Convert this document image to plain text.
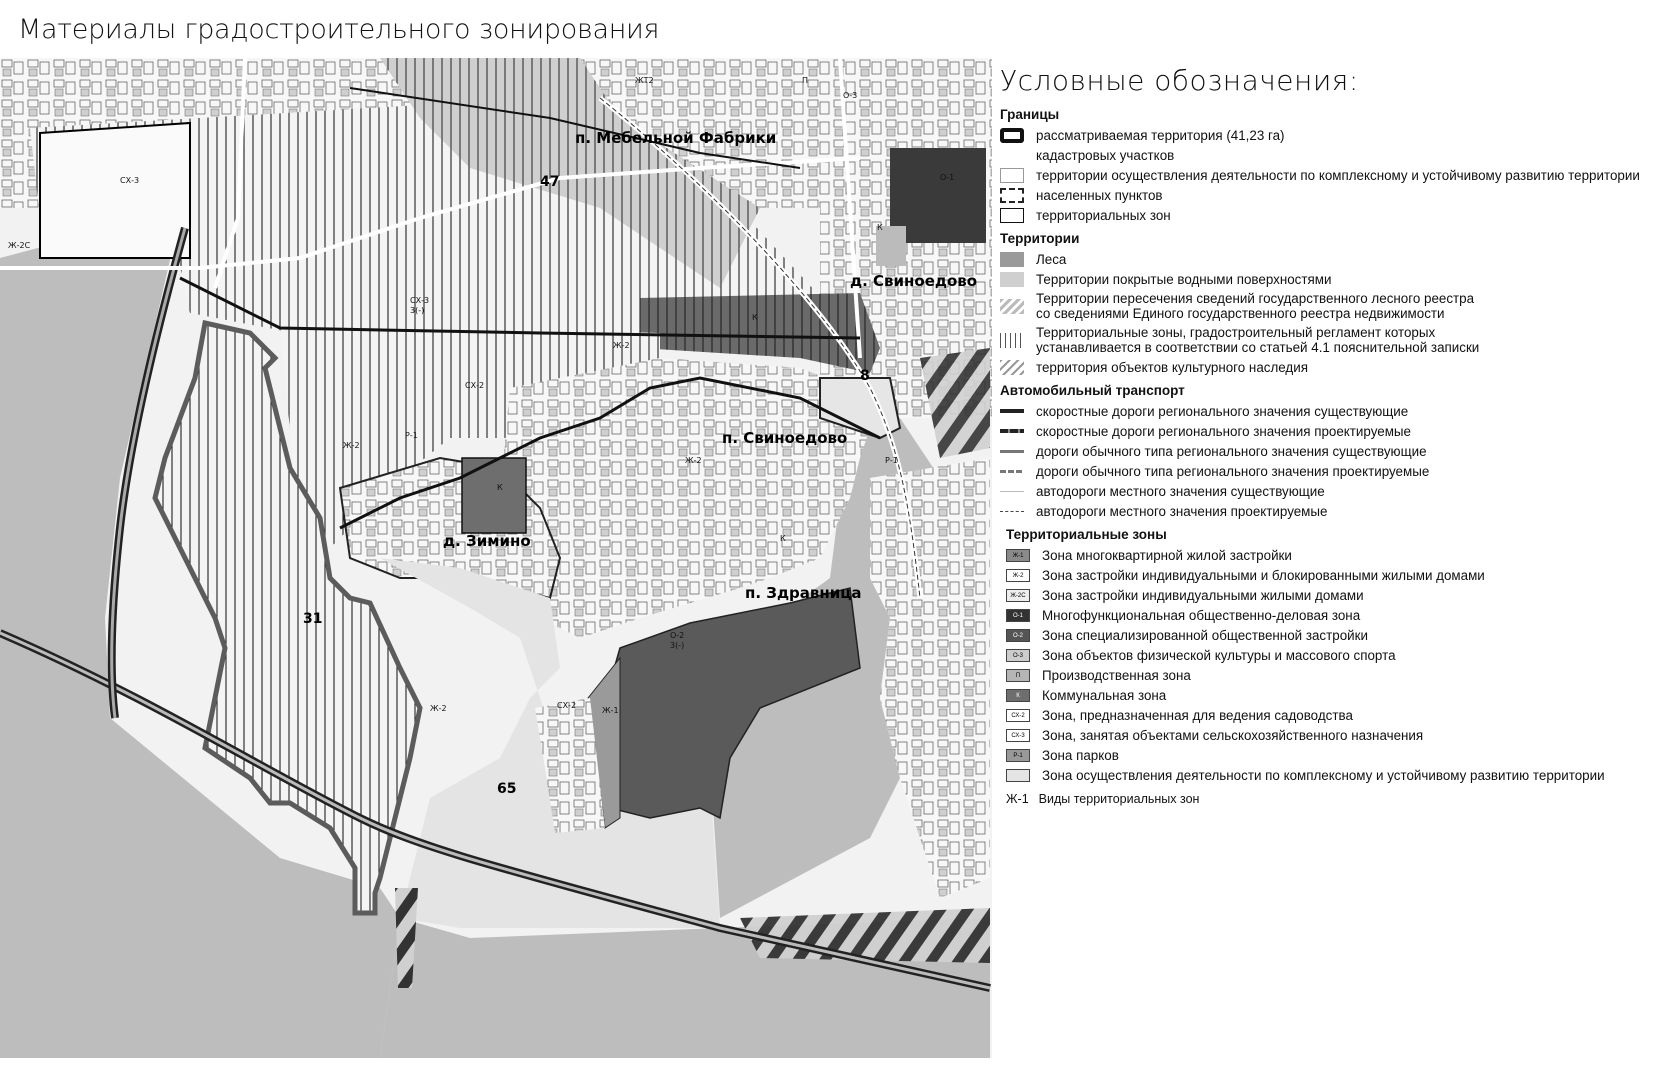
Материалы градостроительного зонирования
п. Мебельной Фабрики
д. Свиноедово
п. Свиноедово
д. Зимино
п. Здравница
47
8
31
65
СХ-3
СХ-3
СХ-2
СХ-2
Ж-2
Ж-2
Ж-2
Ж-2
Р-1
Р-1
К
К
К
К
О-2
Ж-1
О-1
О-3
П
Ж-2С
ЖТ2
3(-)
3(-)
Условные обозначения:
Границы
рассматриваемая территория (41,23 га)
кадастровых участков
территории осуществления деятельности по комплексному и устойчивому развитию территории
населенных пунктов
территориальных зон
Территории
Леса
Территории покрытые водными поверхностями
Территории пересечения сведений государственного лесного реестра
со сведениями Единого государственного реестра недвижимости
Территориальные зоны, градостроительный регламент которых
устанавливается в соответствии со статьей 4.1 пояснительной записки
территория объектов культурного наследия
Автомобильный транспорт
скоростные дороги регионального значения существующие
скоростные дороги регионального значения проектируемые
дороги обычного типа регионального значения существующие
дороги обычного типа регионального значения проектируемые
автодороги местного значения существующие
автодороги местного значения проектируемые
Территориальные зоны
Ж-1	Зона многоквартирной жилой застройки
Ж-2	Зона застройки индивидуальными и блокированными жилыми домами
Ж-2С	Зона застройки индивидуальными жилыми домами
О-1	Многофункциональная общественно-деловая зона
О-2	Зона специализированной общественной застройки
О-3	Зона объектов физической культуры и массового спорта
П	Производственная зона
К	Коммунальная зона
СХ-2	Зона, предназначенная для ведения садоводства
СХ-3	Зона, занятая объектами сельскохозяйственного назначения
Р-1	Зона парков
Зона осуществления деятельности по комплексному и устойчивому развитию территории
Ж-1 Виды территориальных зон
